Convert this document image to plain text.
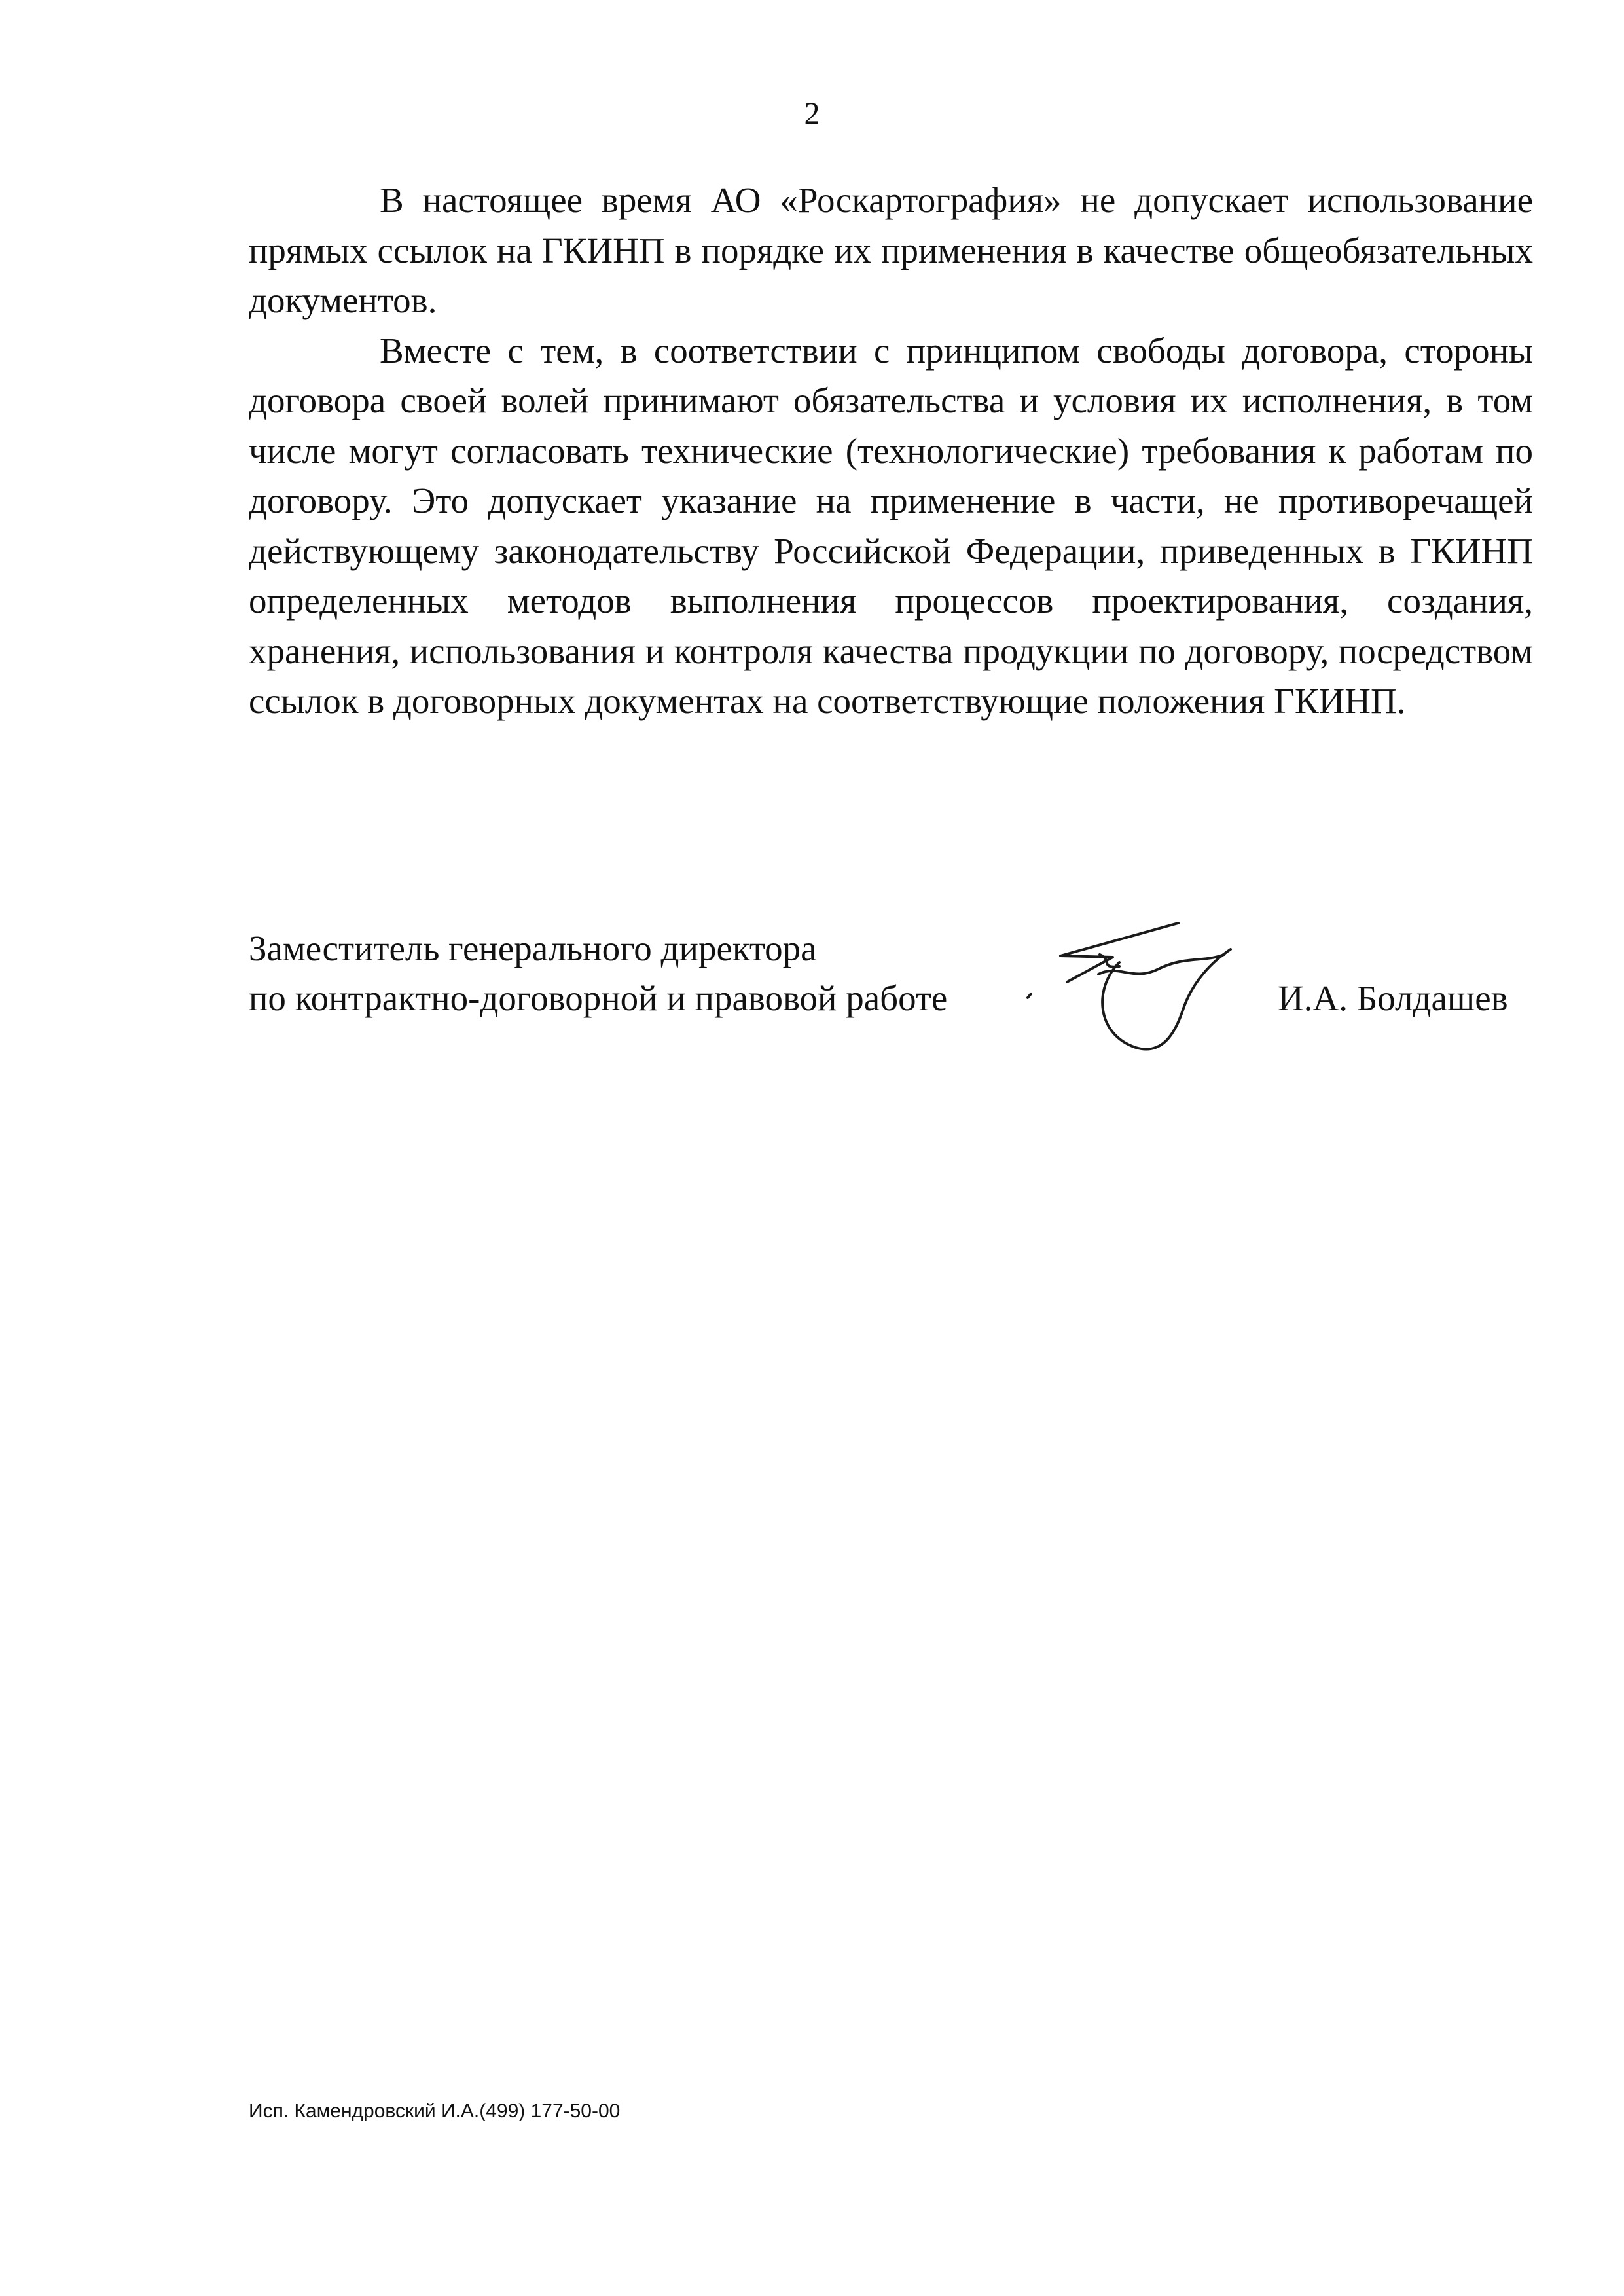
2

В настоящее время АО «Роскартография» не допускает использование прямых ссылок на ГКИНП в порядке их применения в качестве общеобязательных документов.

Вместе с тем, в соответствии с принципом свободы договора, стороны договора своей волей принимают обязательства и условия их исполнения, в том числе могут согласовать технические (технологические) требования к работам по договору. Это допускает указание на применение в части, не противоречащей действующему законодательству Российской Федерации, приведенных в ГКИНП определенных методов выполнения процессов проектирования, создания, хранения, использования и контроля качества продукции по договору, посредством ссылок в договорных документах на соответствующие положения ГКИНП.

Заместитель генерального директора
по контрактно-договорной и правовой работе	И.А. Болдашев
Исп. Камендровский И.А.(499) 177-50-00
